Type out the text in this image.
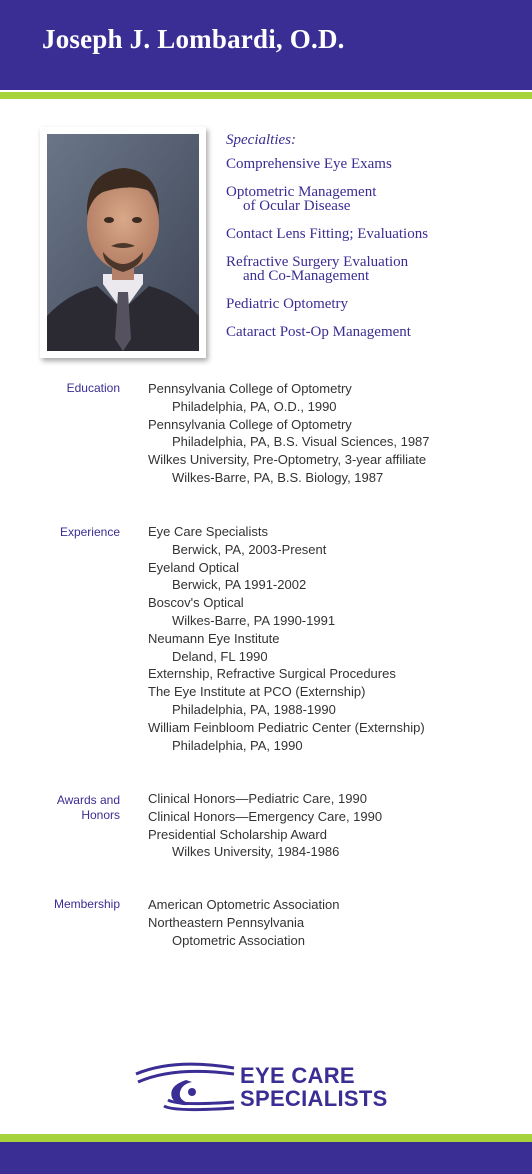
Joseph J. Lombardi, O.D.
Specialties:
Comprehensive Eye Exams
Optometric Management
of Ocular Disease
Contact Lens Fitting; Evaluations
Refractive Surgery Evaluation
and Co-Management
Pediatric Optometry
Cataract Post-Op Management
Education Pennsylvania College of Optometry
Philadelphia, PA, O.D., 1990
Pennsylvania College of Optometry
Philadelphia, PA, B.S. Visual Sciences, 1987
Wilkes University, Pre-Optometry, 3-year affiliate
Wilkes-Barre, PA, B.S. Biology, 1987
Experience Eye Care Specialists
Berwick, PA, 2003-Present
Eyeland Optical
Berwick, PA 1991-2002
Boscov's Optical
Wilkes-Barre, PA 1990-1991
Neumann Eye Institute
Deland, FL 1990
Externship, Refractive Surgical Procedures
The Eye Institute at PCO (Externship)
Philadelphia, PA, 1988-1990
William Feinbloom Pediatric Center (Externship)
Philadelphia, PA, 1990
Awards and
Honors
Clinical Honors—Pediatric Care, 1990
Clinical Honors—Emergency Care, 1990
Presidential Scholarship Award
Wilkes University, 1984-1986
Membership American Optometric Association
Northeastern Pennsylvania
Optometric Association
EYE CARE
SPECIALISTS
